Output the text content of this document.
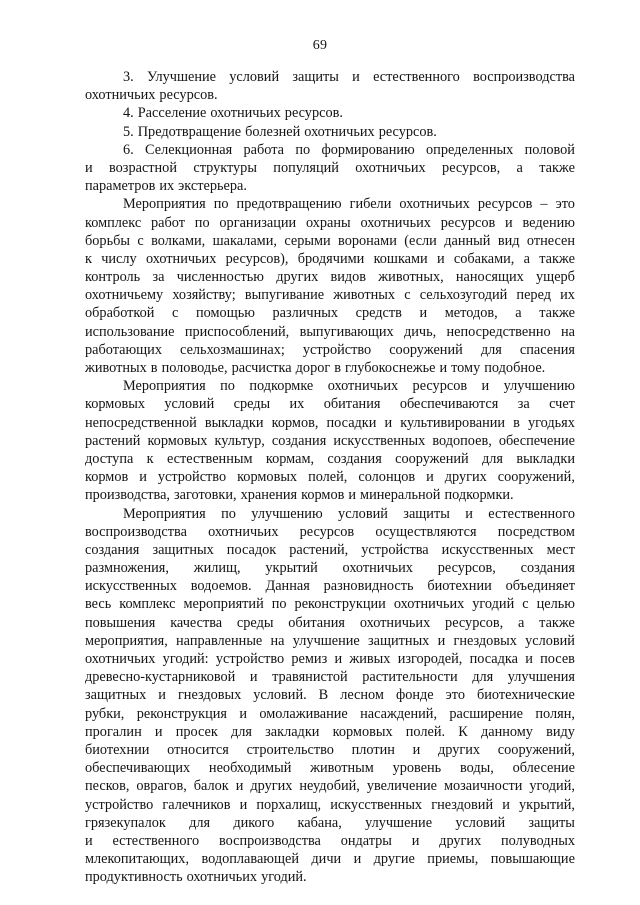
69
3. Улучшение условий защиты и естественного воспроизводства
охотничьих ресурсов.
4. Расселение охотничьих ресурсов.
5. Предотвращение болезней охотничьих ресурсов.
6. Селекционная работа по формированию определенных половой
и возрастной структуры популяций охотничьих ресурсов, а также
параметров их экстерьера.
Мероприятия по предотвращению гибели охотничьих ресурсов – это
комплекс работ по организации охраны охотничьих ресурсов и ведению
борьбы с волками, шакалами, серыми воронами (если данный вид отнесен
к числу охотничьих ресурсов), бродячими кошками и собаками, а также
контроль за численностью других видов животных, наносящих ущерб
охотничьему хозяйству; выпугивание животных с сельхозугодий перед их
обработкой с помощью различных средств и методов, а также
использование приспособлений, выпугивающих дичь, непосредственно на
работающих сельхозмашинах; устройство сооружений для спасения
животных в половодье, расчистка дорог в глубокоснежье и тому подобное.
Мероприятия по подкормке охотничьих ресурсов и улучшению
кормовых условий среды их обитания обеспечиваются за счет
непосредственной выкладки кормов, посадки и культивировании в угодьях
растений кормовых культур, создания искусственных водопоев, обеспечение
доступа к естественным кормам, создания сооружений для выкладки
кормов и устройство кормовых полей, солонцов и других сооружений,
производства, заготовки, хранения кормов и минеральной подкормки.
Мероприятия по улучшению условий защиты и естественного
воспроизводства охотничьих ресурсов осуществляются посредством
создания защитных посадок растений, устройства искусственных мест
размножения, жилищ, укрытий охотничьих ресурсов, создания
искусственных водоемов. Данная разновидность биотехнии объединяет
весь комплекс мероприятий по реконструкции охотничьих угодий с целью
повышения качества среды обитания охотничьих ресурсов, а также
мероприятия, направленные на улучшение защитных и гнездовых условий
охотничьих угодий: устройство ремиз и живых изгородей, посадка и посев
древесно-кустарниковой и травянистой растительности для улучшения
защитных и гнездовых условий. В лесном фонде это биотехнические
рубки, реконструкция и омолаживание насаждений, расширение полян,
прогалин и просек для закладки кормовых полей. К данному виду
биотехнии относится строительство плотин и других сооружений,
обеспечивающих необходимый животным уровень воды, облесение
песков, оврагов, балок и других неудобий, увеличение мозаичности угодий,
устройство галечников и порхалищ, искусственных гнездовий и укрытий,
грязекупалок для дикого кабана, улучшение условий защиты
и естественного воспроизводства ондатры и других полуводных
млекопитающих, водоплавающей дичи и другие приемы, повышающие
продуктивность охотничьих угодий.
